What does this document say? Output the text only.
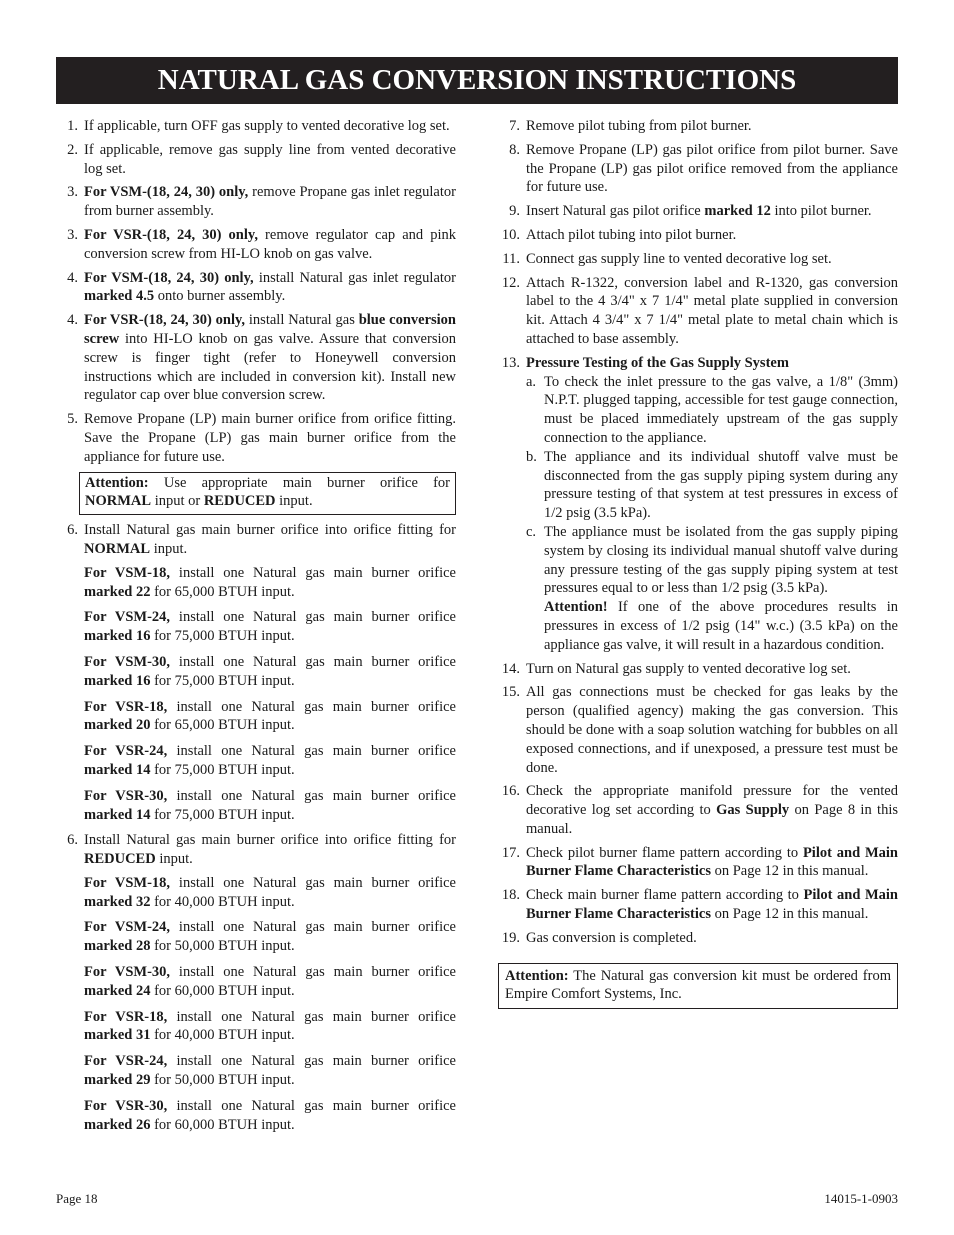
NATURAL GAS CONVERSION INSTRUCTIONS
1. If applicable, turn OFF gas supply to vented decorative log set.
2. If applicable, remove gas supply line from vented decorative log set.
3. For VSM-(18, 24, 30) only, remove Propane gas inlet regulator from burner assembly.
3. For VSR-(18, 24, 30) only, remove regulator cap and pink conversion screw from HI-LO knob on gas valve.
4. For VSM-(18, 24, 30) only, install Natural gas inlet regulator marked 4.5 onto burner assembly.
4. For VSR-(18, 24, 30) only, install Natural gas blue conversion screw into HI-LO knob on gas valve. Assure that conversion screw is finger tight (refer to Honeywell conversion instructions which are included in conversion kit). Install new regulator cap over blue conversion screw.
5. Remove Propane (LP) main burner orifice from orifice fitting. Save the Propane (LP) gas main burner orifice from the appliance for future use.
Attention: Use appropriate main burner orifice for NORMAL input or REDUCED input.
6. Install Natural gas main burner orifice into orifice fitting for NORMAL input.
For VSM-18, install one Natural gas main burner orifice marked 22 for 65,000 BTUH input.
For VSM-24, install one Natural gas main burner orifice marked 16 for 75,000 BTUH input.
For VSM-30, install one Natural gas main burner orifice marked 16 for 75,000 BTUH input.
For VSR-18, install one Natural gas main burner orifice marked 20 for 65,000 BTUH input.
For VSR-24, install one Natural gas main burner orifice marked 14 for 75,000 BTUH input.
For VSR-30, install one Natural gas main burner orifice marked 14 for 75,000 BTUH input.
6. Install Natural gas main burner orifice into orifice fitting for REDUCED input.
For VSM-18, install one Natural gas main burner orifice marked 32 for 40,000 BTUH input.
For VSM-24, install one Natural gas main burner orifice marked 28 for 50,000 BTUH input.
For VSM-30, install one Natural gas main burner orifice marked 24 for 60,000 BTUH input.
For VSR-18, install one Natural gas main burner orifice marked 31 for 40,000 BTUH input.
For VSR-24, install one Natural gas main burner orifice marked 29 for 50,000 BTUH input.
For VSR-30, install one Natural gas main burner orifice marked 26 for 60,000 BTUH input.
7. Remove pilot tubing from pilot burner.
8. Remove Propane (LP) gas pilot orifice from pilot burner. Save the Propane (LP) gas pilot orifice removed from the appliance for future use.
9. Insert Natural gas pilot orifice marked 12 into pilot burner.
10. Attach pilot tubing into pilot burner.
11. Connect gas supply line to vented decorative log set.
12. Attach R-1322, conversion label and R-1320, gas conversion label to the 4 3/4" x 7 1/4" metal plate supplied in conversion kit. Attach 4 3/4" x 7 1/4" metal plate to metal chain which is attached to base assembly.
13. Pressure Testing of the Gas Supply System
a. To check the inlet pressure to the gas valve, a 1/8" (3mm) N.P.T. plugged tapping, accessible for test gauge connection, must be placed immediately upstream of the gas supply connection to the appliance.
b. The appliance and its individual shutoff valve must be disconnected from the gas supply piping system during any pressure testing of that system at test pressures in excess of 1/2 psig (3.5 kPa).
c. The appliance must be isolated from the gas supply piping system by closing its individual manual shutoff valve during any pressure testing of the gas supply piping system at test pressures equal to or less than 1/2 psig (3.5 kPa).
Attention! If one of the above procedures results in pressures in excess of 1/2 psig (14" w.c.) (3.5 kPa) on the appliance gas valve, it will result in a hazardous condition.
14. Turn on Natural gas supply to vented decorative log set.
15. All gas connections must be checked for gas leaks by the person (qualified agency) making the gas conversion. This should be done with a soap solution watching for bubbles on all exposed connections, and if unexposed, a pressure test must be done.
16. Check the appropriate manifold pressure for the vented decorative log set according to Gas Supply on Page 8 in this manual.
17. Check pilot burner flame pattern according to Pilot and Main Burner Flame Characteristics on Page 12 in this manual.
18. Check main burner flame pattern according to Pilot and Main Burner Flame Characteristics on Page 12 in this manual.
19. Gas conversion is completed.
Attention: The Natural gas conversion kit must be ordered from Empire Comfort Systems, Inc.
Page 18	14015-1-0903
